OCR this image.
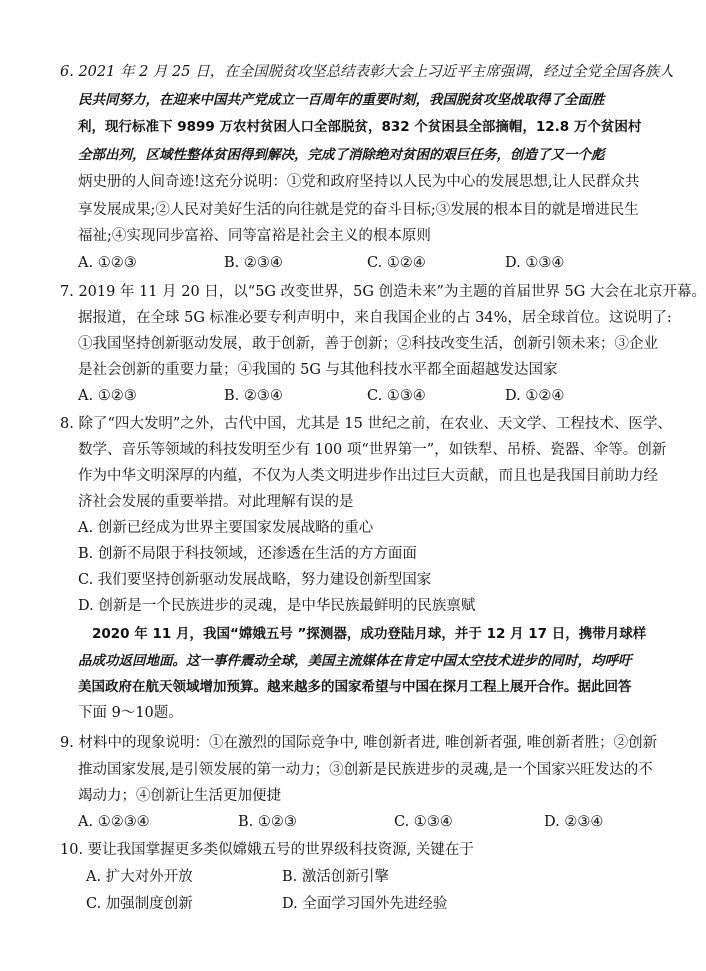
6. 2021 年 2 月 25 日，在全国脱贫攻坚总结表彰大会上习近平主席强调，经过全党全国各族人
民共同努力，在迎来中国共产党成立一百周年的重要时刻，我国脱贫攻坚战取得了全面胜
利，现行标准下 9899 万农村贫困人口全部脱贫，832 个贫困县全部摘帽，12.8 万个贫困村
全部出列，区域性整体贫困得到解决，完成了消除绝对贫困的艰巨任务，创造了又一个彪
炳史册的人间奇迹!这充分说明：①党和政府坚持以人民为中心的发展思想,让人民群众共
享发展成果;②人民对美好生活的向往就是党的奋斗目标;③发展的根本目的就是增进民生
福祉;④实现同步富裕、同等富裕是社会主义的根本原则
A. ①②③	B. ②③④	C. ①②④	D. ①③④
7. 2019 年 11 月 20 日，以“5G 改变世界，5G 创造未来”为主题的首届世界 5G 大会在北京开幕。
据报道，在全球 5G 标准必要专利声明中，来自我国企业的占 34%，居全球首位。这说明了:
①我国坚持创新驱动发展，敢于创新，善于创新；②科技改变生活，创新引领未来；③企业
是社会创新的重要力量；④我国的 5G 与其他科技水平都全面超越发达国家
A. ①②③	B. ②③④	C. ①③④	D. ①②④
8. 除了“四大发明”之外，古代中国，尤其是 15 世纪之前，在农业、天文学、工程技术、医学、
数学、音乐等领域的科技发明至少有 100 项“世界第一”，如铁犁、吊桥、瓷器、伞等。创新
作为中华文明深厚的内蕴，不仅为人类文明进步作出过巨大贡献，而且也是我国目前助力经
济社会发展的重要举措。对此理解有误的是
A. 创新已经成为世界主要国家发展战略的重心
B. 创新不局限于科技领域，还渗透在生活的方方面面
C. 我们要坚持创新驱动发展战略，努力建设创新型国家
D. 创新是一个民族进步的灵魂，是中华民族最鲜明的民族禀赋
2020 年 11 月，我国“嫦娥五号 ”探测器，成功登陆月球，并于 12 月 17 日，携带月球样
品成功返回地面。这一事件震动全球，美国主流媒体在肯定中国太空技术进步的同时，均呼吁
美国政府在航天领域增加预算。越来越多的国家希望与中国在探月工程上展开合作。据此回答
下面 9～10题。
9. 材料中的现象说明：①在激烈的国际竞争中, 唯创新者进, 唯创新者强, 唯创新者胜；②创新
推动国家发展,是引领发展的第一动力；③创新是民族进步的灵魂,是一个国家兴旺发达的不
竭动力；④创新让生活更加便捷
A. ①②③④	B. ①②③	C. ①③④	D. ②③④
10. 要让我国掌握更多类似嫦娥五号的世界级科技资源, 关键在于
A. 扩大对外开放	B. 激活创新引擎
C. 加强制度创新	D. 全面学习国外先进经验
